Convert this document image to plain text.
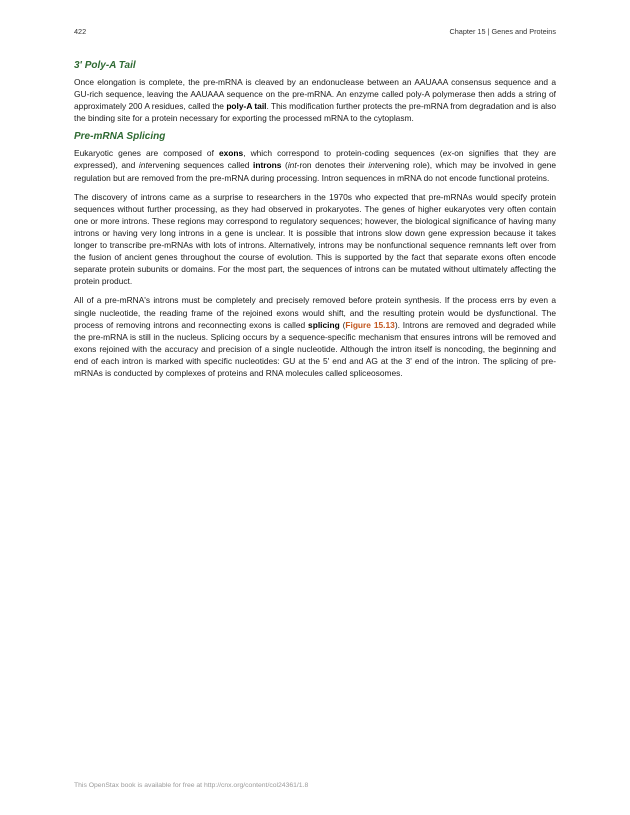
422	Chapter 15 | Genes and Proteins
3' Poly-A Tail

Once elongation is complete, the pre-mRNA is cleaved by an endonuclease between an AAUAAA consensus sequence and a GU-rich sequence, leaving the AAUAAA sequence on the pre-mRNA. An enzyme called poly-A polymerase then adds a string of approximately 200 A residues, called the poly-A tail. This modification further protects the pre-mRNA from degradation and is also the binding site for a protein necessary for exporting the processed mRNA to the cytoplasm.

Pre-mRNA Splicing

Eukaryotic genes are composed of exons, which correspond to protein-coding sequences (ex-on signifies that they are expressed), and intervening sequences called introns (int-ron denotes their intervening role), which may be involved in gene regulation but are removed from the pre-mRNA during processing. Intron sequences in mRNA do not encode functional proteins.

The discovery of introns came as a surprise to researchers in the 1970s who expected that pre-mRNAs would specify protein sequences without further processing, as they had observed in prokaryotes. The genes of higher eukaryotes very often contain one or more introns. These regions may correspond to regulatory sequences; however, the biological significance of having many introns or having very long introns in a gene is unclear. It is possible that introns slow down gene expression because it takes longer to transcribe pre-mRNAs with lots of introns. Alternatively, introns may be nonfunctional sequence remnants left over from the fusion of ancient genes throughout the course of evolution. This is supported by the fact that separate exons often encode separate protein subunits or domains. For the most part, the sequences of introns can be mutated without ultimately affecting the protein product.

All of a pre-mRNA's introns must be completely and precisely removed before protein synthesis. If the process errs by even a single nucleotide, the reading frame of the rejoined exons would shift, and the resulting protein would be dysfunctional. The process of removing introns and reconnecting exons is called splicing (Figure 15.13). Introns are removed and degraded while the pre-mRNA is still in the nucleus. Splicing occurs by a sequence-specific mechanism that ensures introns will be removed and exons rejoined with the accuracy and precision of a single nucleotide. Although the intron itself is noncoding, the beginning and end of each intron is marked with specific nucleotides: GU at the 5' end and AG at the 3' end of the intron. The splicing of pre-mRNAs is conducted by complexes of proteins and RNA molecules called spliceosomes.

This OpenStax book is available for free at http://cnx.org/content/col24361/1.8
